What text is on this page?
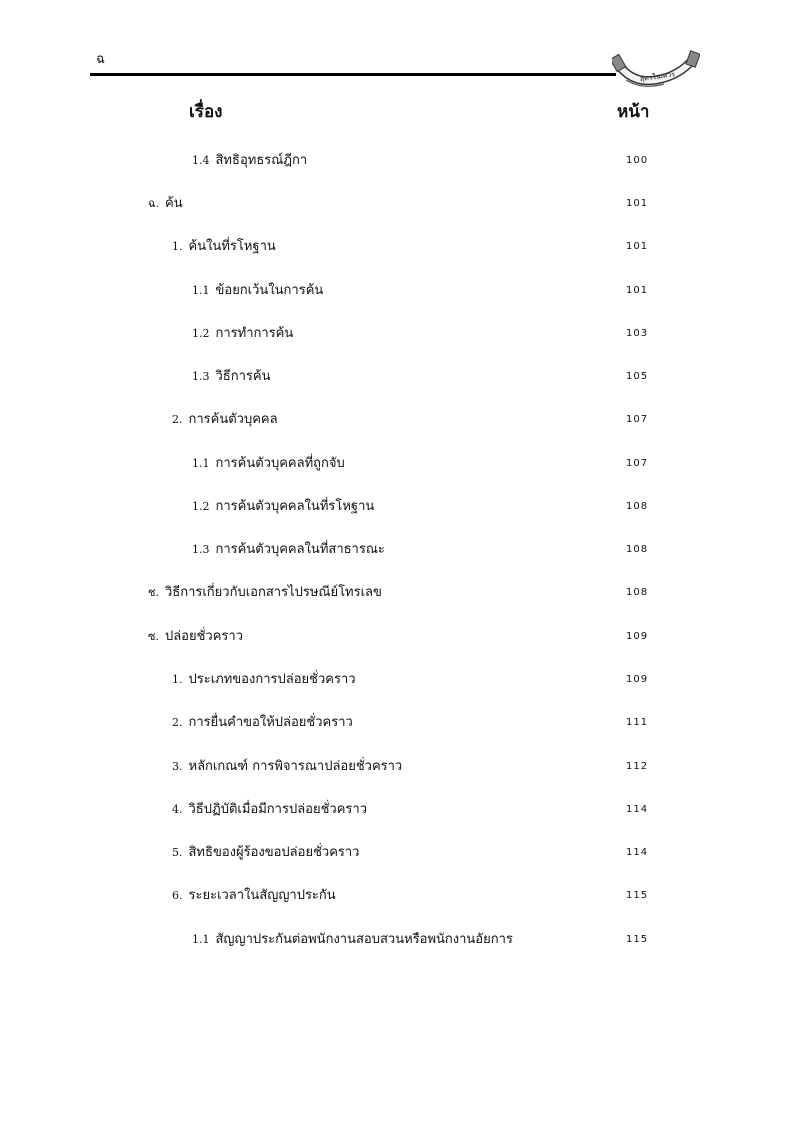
ฉ
สุดรในเศวร
เรื่อง	หน้า
1.4 สิทธิอุทธรณ์ฎีกา	100
ฉ. ค้น	101
1. ค้นในที่รโหฐาน	101
1.1 ข้อยกเว้นในการค้น	101
1.2 การทำการค้น	103
1.3 วิธีการค้น	105
2. การค้นตัวบุคคล	107
1.1 การค้นตัวบุคคลที่ถูกจับ	107
1.2 การค้นตัวบุคคลในที่รโหฐาน	108
1.3 การค้นตัวบุคคลในที่สาธารณะ	108
ช. วิธีการเกี่ยวกับเอกสารไปรษณีย์โทรเลข	108
ซ. ปล่อยชั่วคราว	109
1. ประเภทของการปล่อยชั่วคราว	109
2. การยื่นคำขอให้ปล่อยชั่วคราว	111
3. หลักเกณฑ์ การพิจารณาปล่อยชั่วคราว	112
4. วิธีปฏิบัติเมื่อมีการปล่อยชั่วคราว	114
5. สิทธิของผู้ร้องขอปล่อยชั่วคราว	114
6. ระยะเวลาในสัญญาประกัน	115
1.1 สัญญาประกันต่อพนักงานสอบสวนหรือพนักงานอัยการ	115
